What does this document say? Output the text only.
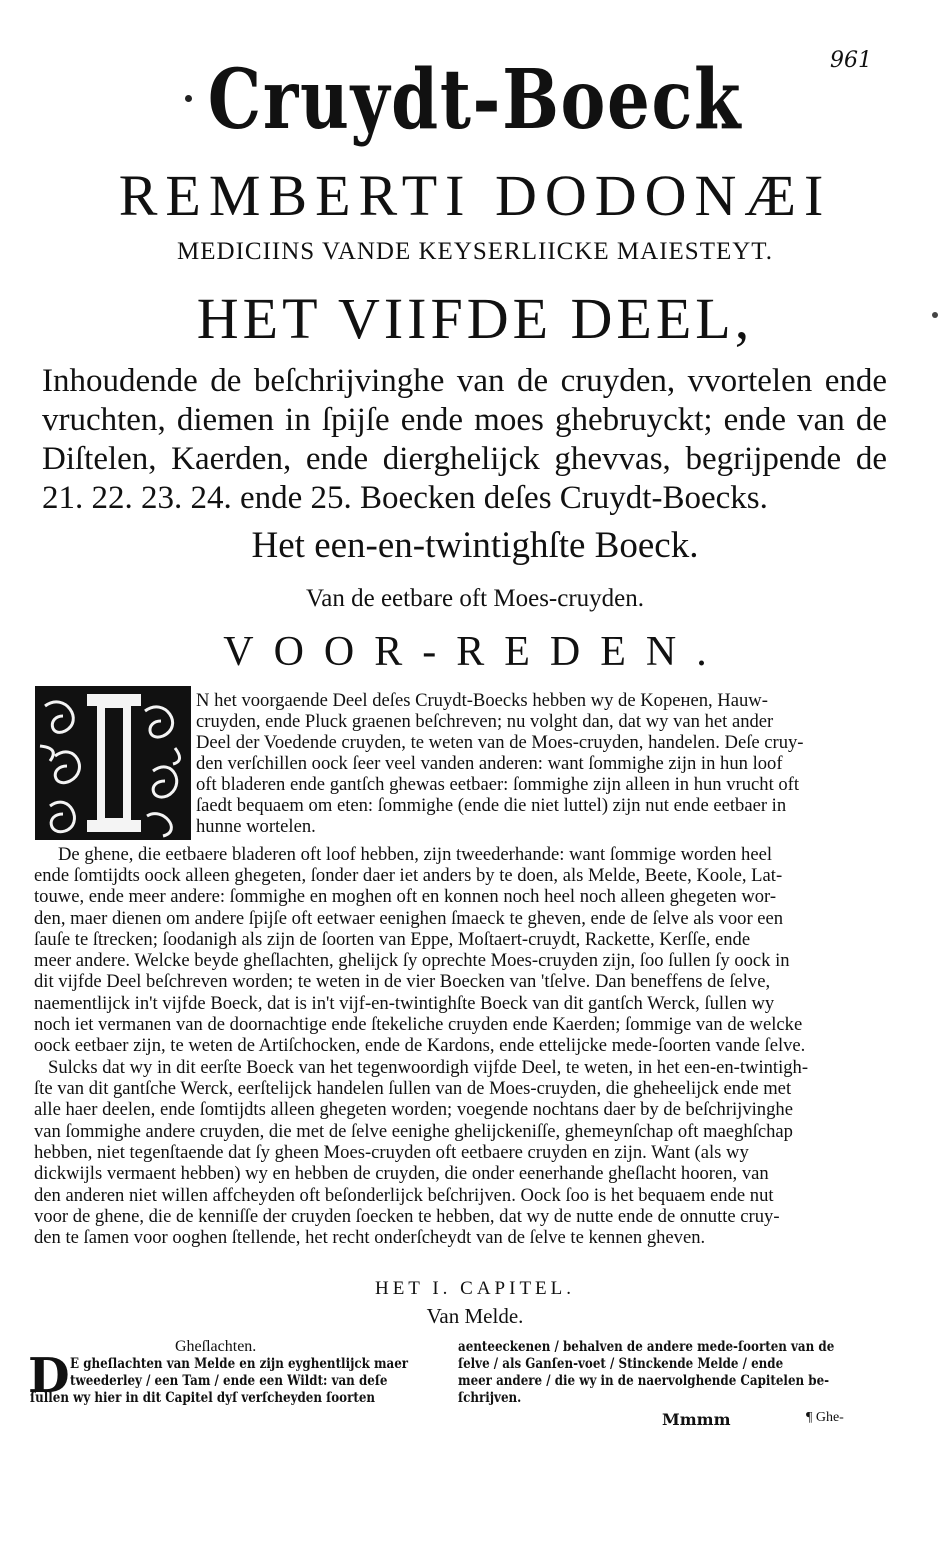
961
Cruydt-Boeck
REMBERTI DODONÆI
MEDICIINS VANDE KEYSERLIICKE MAIESTEYT.
HET VIIFDE DEEL,
Inhoudende de beſchrijvinghe van de cruyden, vvortelen ende vruchten, diemen in ſpijſe ende moes ghebruyckt; ende van de Diſtelen, Kaerden, ende dierghelijck ghevvas, begrijpende de 21. 22. 23. 24. ende 25. Boecken deſes Cruydt-Boecks.
Het een-en-twintighſte Boeck.
Van de eetbare oft Moes-cruyden.
VOOR-REDEN.
N het voorgaende Deel deſes Cruydt-Boecks hebben wy de Koренen, Hauw-
cruyden, ende Pluck graenen beſchreven; nu volght dan, dat wy van het ander
Deel der Voedende cruyden, te weten van de Moes-cruyden, handelen. Deſe cruy-
den verſchillen oock ſeer veel vanden anderen: want ſommighe zijn in hun loof
oft bladeren ende gantſch ghewas eetbaer: ſommighe zijn alleen in hun vrucht oft
ſaedt bequaem om eten: ſommighe (ende die niet luttel) zijn nut ende eetbaer in
hunne wortelen.
De ghene, die eetbaere bladeren oft loof hebben, zijn tweederhande: want ſommige worden heel
ende ſomtijdts oock alleen ghegeten, ſonder daer iet anders by te doen, als Melde, Beete, Koole, Lat-
touwe, ende meer andere: ſommighe en moghen oft en konnen noch heel noch alleen ghegeten wor-
den, maer dienen om andere ſpijſe oft eetwaer eenighen ſmaeck te gheven, ende de ſelve als voor een
ſauſe te ſtrecken; ſoodanigh als zijn de ſoorten van Eppe, Moſtaert-cruydt, Rackette, Kerſſe, ende
meer andere. Welcke beyde gheſlachten, ghelijck ſy oprechte Moes-cruyden zijn, ſoo ſullen ſy oock in
dit vijfde Deel beſchreven worden; te weten in de vier Boecken van 'tſelve. Dan beneffens de ſelve,
naementlijck in't vijfde Boeck, dat is in't vijf-en-twintighſte Boeck van dit gantſch Werck, ſullen wy
noch iet vermanen van de doornachtige ende ſtekeliche cruyden ende Kaerden; ſommige van de welcke
oock eetbaer zijn, te weten de Artiſchocken, ende de Kardons, ende ettelijcke mede-ſoorten vande ſelve.
Sulcks dat wy in dit eerſte Boeck van het tegenwoordigh vijfde Deel, te weten, in het een-en-twintigh-
ſte van dit gantſche Werck, eerſtelijck handelen ſullen van de Moes-cruyden, die gheheelijck ende met
alle haer deelen, ende ſomtijdts alleen ghegeten worden; voegende nochtans daer by de beſchrijvinghe
van ſommighe andere cruyden, die met de ſelve eenighe ghelijckeniſſe, ghemeynſchap oft maeghſchap
hebben, niet tegenſtaende dat ſy gheen Moes-cruyden oft eetbaere cruyden en zijn. Want (als wy
dickwijls vermaent hebben) wy en hebben de cruyden, die onder eenerhande gheſlacht hooren, van
den anderen niet willen affcheyden oft beſonderlijck beſchrijven. Oock ſoo is het bequaem ende nut
voor de ghene, die de kenniſſe der cruyden ſoecken te hebben, dat wy de nutte ende de onnutte cruy-
den te ſamen voor ooghen ſtellende, het recht onderſcheydt van de ſelve te kennen gheven.
HET I. CAPITEL.
Van Melde.
Gheſlachten.
D E gheſlachten van Melde en zijn eyghentlijck maer
tweederley / een Tam / ende een Wildt: van deſe
ſullen wy hier in dit Capitel dyſ verſcheyden ſoorten
aenteeckenen / behalven de andere mede-ſoorten van de
ſelve / als Ganſen-voet / Stinckende Melde / ende
meer andere / die wy in de naervolghende Capitelen be-
ſchrijven.
Mmmm	¶ Ghe-
